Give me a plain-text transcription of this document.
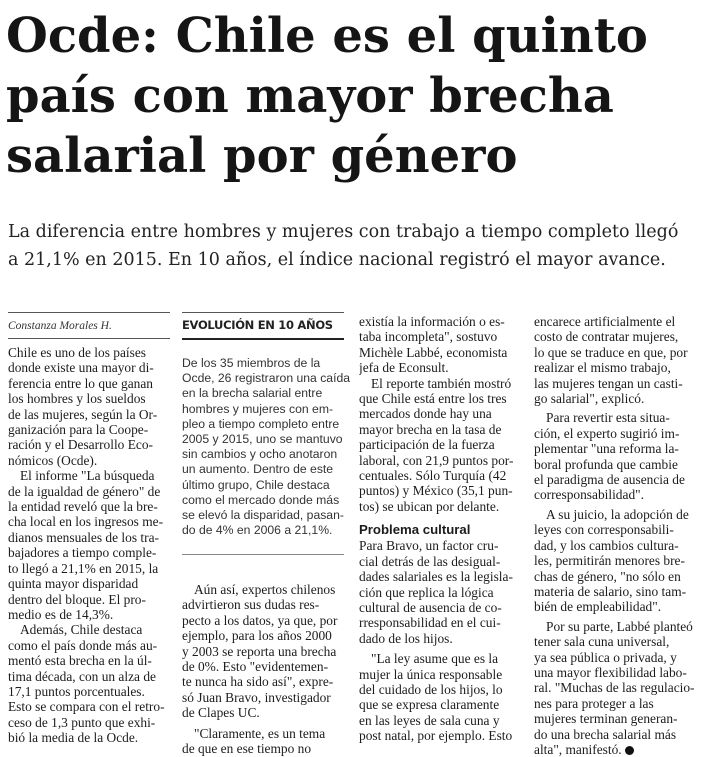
Ocde: Chile es el quinto
país con mayor brecha
salarial por género

La diferencia entre hombres y mujeres con trabajo a tiempo completo llegó
a 21,1% en 2015. En 10 años, el índice nacional registró el mayor avance.

Constanza Morales H.	EVOLUCIÓN EN 10 AÑOS
De los 35 miembros de la
Ocde, 26 registraron una caída
en la brecha salarial entre
hombres y mujeres con em-
pleo a tiempo completo entre
2005 y 2015, uno se mantuvo
sin cambios y ocho anotaron
un aumento. Dentro de este
último grupo, Chile destaca
como el mercado donde más
se elevó la disparidad, pasan-
do de 4% en 2006 a 21,1%.

Chile es uno de los países
donde existe una mayor di-
ferencia entre lo que ganan
los hombres y los sueldos
de las mujeres, según la Or-
ganización para la Coope-
ración y el Desarrollo Eco-
nómicos (Ocde).

El informe "La búsqueda
de la igualdad de género" de
la entidad reveló que la bre-
cha local en los ingresos me-
dianos mensuales de los tra-
bajadores a tiempo comple-
to llegó a 21,1% en 2015, la
quinta mayor disparidad
dentro del bloque. El pro-
medio es de 14,3%.

Además, Chile destaca
como el país donde más au-
mentó esta brecha en la úl-
tima década, con un alza de
17,1 puntos porcentuales.
Esto se compara con el retro-
ceso de 1,3 punto que exhi-
bió la media de la Ocde.

Aún así, expertos chilenos
advirtieron sus dudas res-
pecto a los datos, ya que, por
ejemplo, para los años 2000
y 2003 se reporta una brecha
de 0%. Esto "evidentemen-
te nunca ha sido así", expre-
só Juan Bravo, investigador
de Clapes UC.

"Claramente, es un tema
de que en ese tiempo no

existía la información o es-
taba incompleta", sostuvo
Michèle Labbé, economista
jefa de Econsult.

El reporte también mostró
que Chile está entre los tres
mercados donde hay una
mayor brecha en la tasa de
participación de la fuerza
laboral, con 21,9 puntos por-
centuales. Sólo Turquía (42
puntos) y México (35,1 pun-
tos) se ubican por delante.

Problema cultural

Para Bravo, un factor cru-
cial detrás de las desigual-
dades salariales es la legisla-
ción que replica la lógica
cultural de ausencia de co-
rresponsabilidad en el cui-
dado de los hijos.

"La ley asume que es la
mujer la única responsable
del cuidado de los hijos, lo
que se expresa claramente
en las leyes de sala cuna y
post natal, por ejemplo. Esto

encarece artificialmente el
costo de contratar mujeres,
lo que se traduce en que, por
realizar el mismo trabajo,
las mujeres tengan un casti-
go salarial", explicó.

Para revertir esta situa-
ción, el experto sugirió im-
plementar "una reforma la-
boral profunda que cambie
el paradigma de ausencia de
corresponsabilidad".

A su juicio, la adopción de
leyes con corresponsabili-
dad, y los cambios cultura-
les, permitirán menores bre-
chas de género, "no sólo en
materia de salario, sino tam-
bién de empleabilidad".

Por su parte, Labbé planteó
tener sala cuna universal,
ya sea pública o privada, y
una mayor flexibilidad labo-
ral. "Muchas de las regulacio-
nes para proteger a las
mujeres terminan generan-
do una brecha salarial más
alta", manifestó.
